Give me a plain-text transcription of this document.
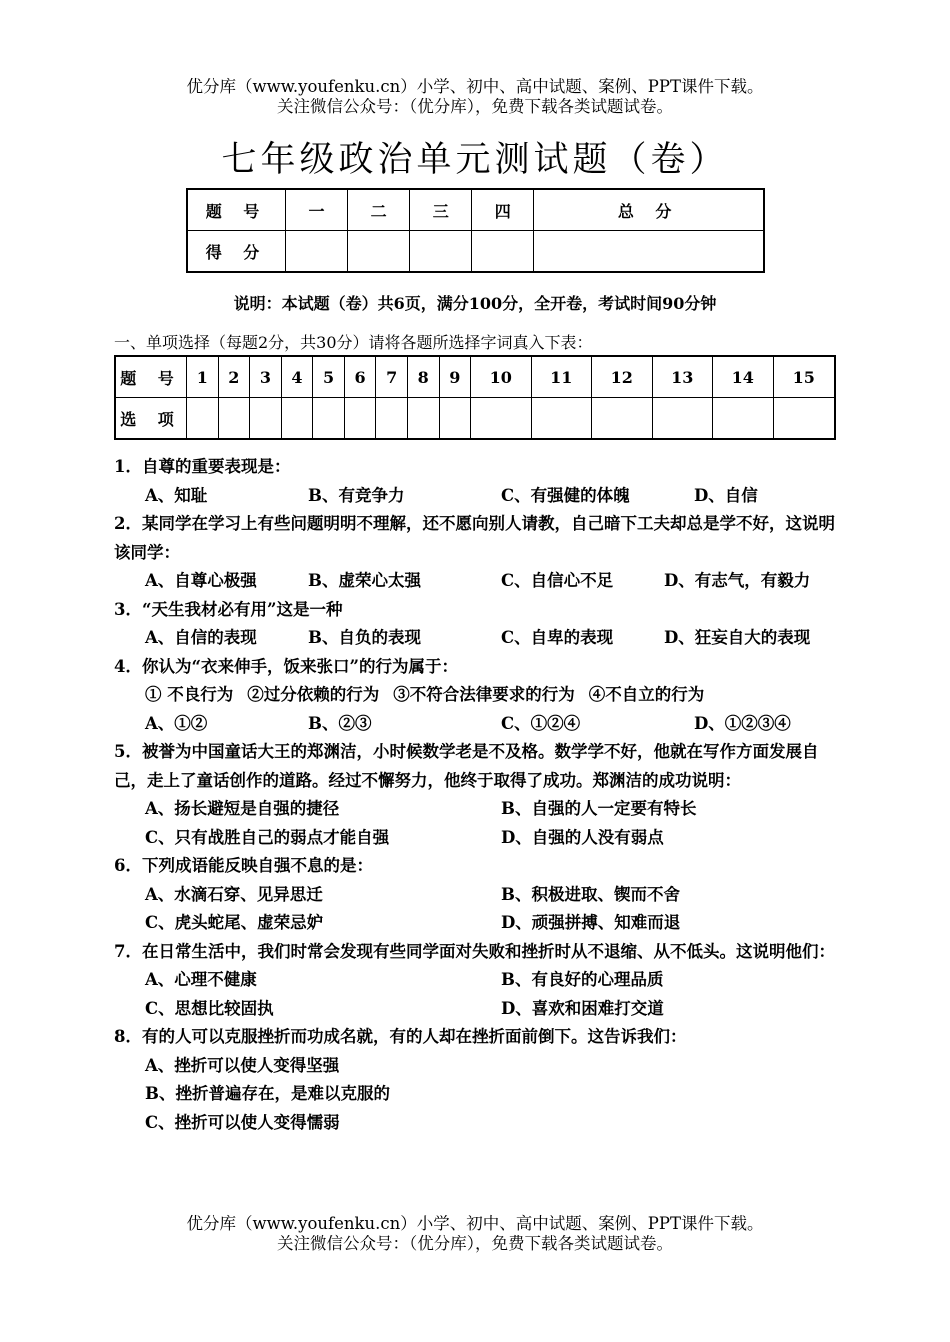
优分库（www.youfenku.cn）小学、初中、高中试题、案例、PPT课件下载。
关注微信公众号：（优分库），免费下载各类试题试卷。
七年级政治单元测试题（卷）
题 号	一	二	三	四	总 分
得 分					
说明：本试题（卷）共6页，满分100分，全开卷，考试时间90分钟
一、单项选择（每题2分，共30分）请将各题所选择字词真入下表：
题 号	1	2	3	4	5	6	7	8	9	10	11	12	13	14	15
选 项															

1．自尊的重要表现是：

A、知耻	B、有竞争力	C、有强健的体魄	D、自信

2．某同学在学习上有些问题明明不理解，还不愿向别人请教，自己暗下工夫却总是学不好，这说明该同学：

A、自尊心极强	B、虚荣心太强	C、自信心不足	D、有志气，有毅力

3．“天生我材必有用”这是一种

A、自信的表现	B、自负的表现	C、自卑的表现	D、狂妄自大的表现

4．你认为“衣来伸手，饭来张口”的行为属于：

① 不良行为 ②过分依赖的行为 ③不符合法律要求的行为 ④不自立的行为
A、①②	B、②③	C、①②④	D、①②③④

5．被誉为中国童话大王的郑渊洁，小时候数学老是不及格。数学学不好，他就在写作方面发展自己，走上了童话创作的道路。经过不懈努力，他终于取得了成功。郑渊洁的成功说明：

A、扬长避短是自强的捷径	B、自强的人一定要有特长
C、只有战胜自己的弱点才能自强	D、自强的人没有弱点

6．下列成语能反映自强不息的是：

A、水滴石穿、见异思迁	B、积极进取、锲而不舍
C、虎头蛇尾、虚荣忌妒	D、顽强拼搏、知难而退

7．在日常生活中，我们时常会发现有些同学面对失败和挫折时从不退缩、从不低头。这说明他们：

A、心理不健康	B、有良好的心理品质
C、思想比较固执	D、喜欢和困难打交道

8．有的人可以克服挫折而功成名就，有的人却在挫折面前倒下。这告诉我们：

A、挫折可以使人变得坚强

B、挫折普遍存在，是难以克服的

C、挫折可以使人变得懦弱

优分库（www.youfenku.cn）小学、初中、高中试题、案例、PPT课件下载。
关注微信公众号：（优分库），免费下载各类试题试卷。
